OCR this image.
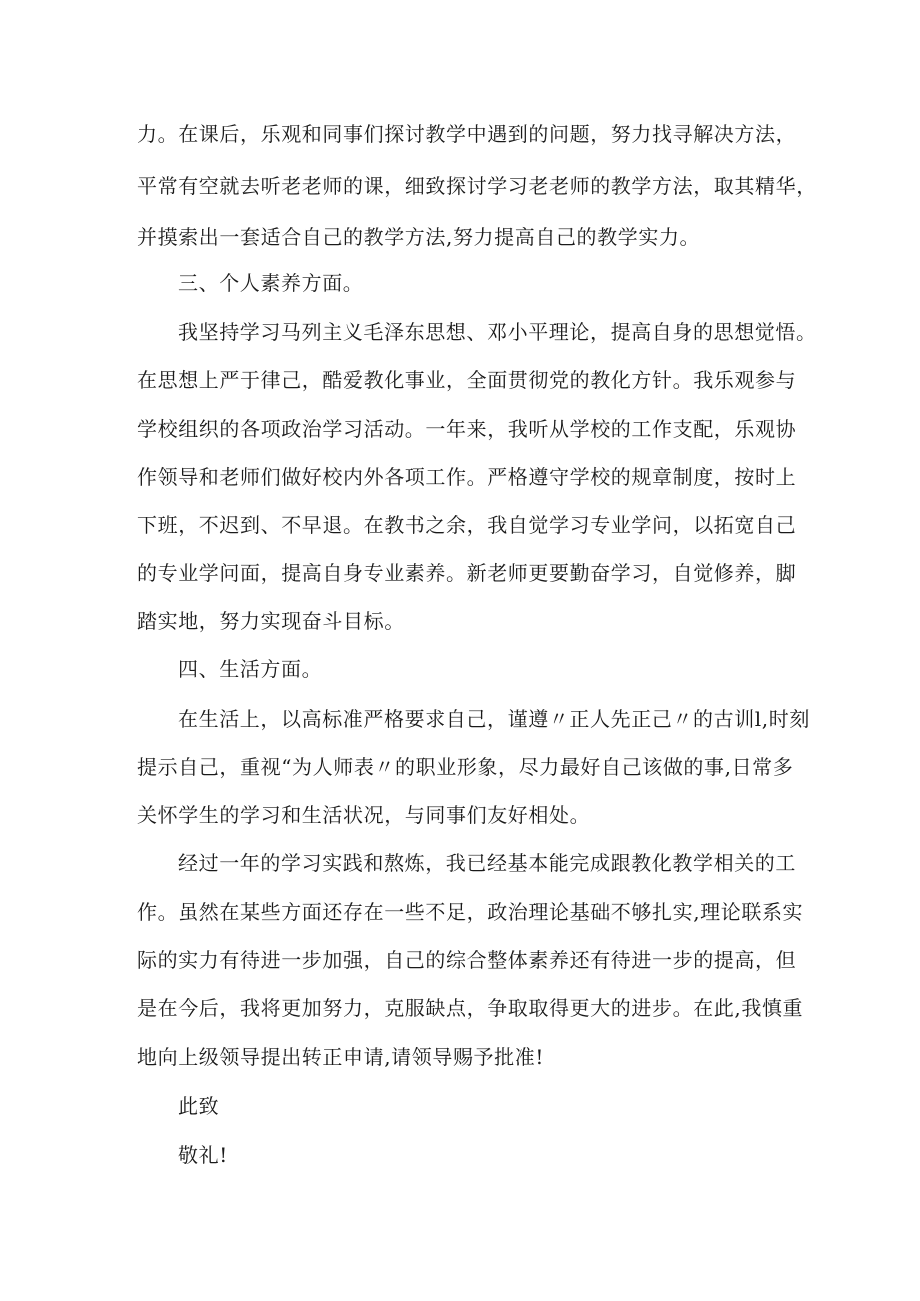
力。在课后，乐观和同事们探讨教学中遇到的问题，努力找寻解决方法，
平常有空就去听老老师的课，细致探讨学习老老师的教学方法，取其精华，
并摸索出一套适合自己的教学方法,努力提高自己的教学实力。
三、个人素养方面。
我坚持学习马列主义毛泽东思想、邓小平理论，提高自身的思想觉悟。
在思想上严于律己，酷爱教化事业，全面贯彻党的教化方针。我乐观参与
学校组织的各项政治学习活动。一年来，我听从学校的工作支配，乐观协
作领导和老师们做好校内外各项工作。严格遵守学校的规章制度，按时上
下班，不迟到、不早退。在教书之余，我自觉学习专业学问，以拓宽自己
的专业学问面，提高自身专业素养。新老师更要勤奋学习，自觉修养，脚
踏实地，努力实现奋斗目标。
四、生活方面。
在生活上，以高标准严格要求自己，谨遵〃正人先正己〃的古训l,时刻
提示自己，重视“为人师表〃的职业形象，尽力最好自己该做的事,日常多
关怀学生的学习和生活状况，与同事们友好相处。
经过一年的学习实践和熬炼，我已经基本能完成跟教化教学相关的工
作。虽然在某些方面还存在一些不足，政治理论基础不够扎实,理论联系实
际的实力有待进一步加强，自己的综合整体素养还有待进一步的提高，但
是在今后，我将更加努力，克服缺点，争取取得更大的进步。在此,我慎重
地向上级领导提出转正申请,请领导赐予批准!
此致
敬礼!
